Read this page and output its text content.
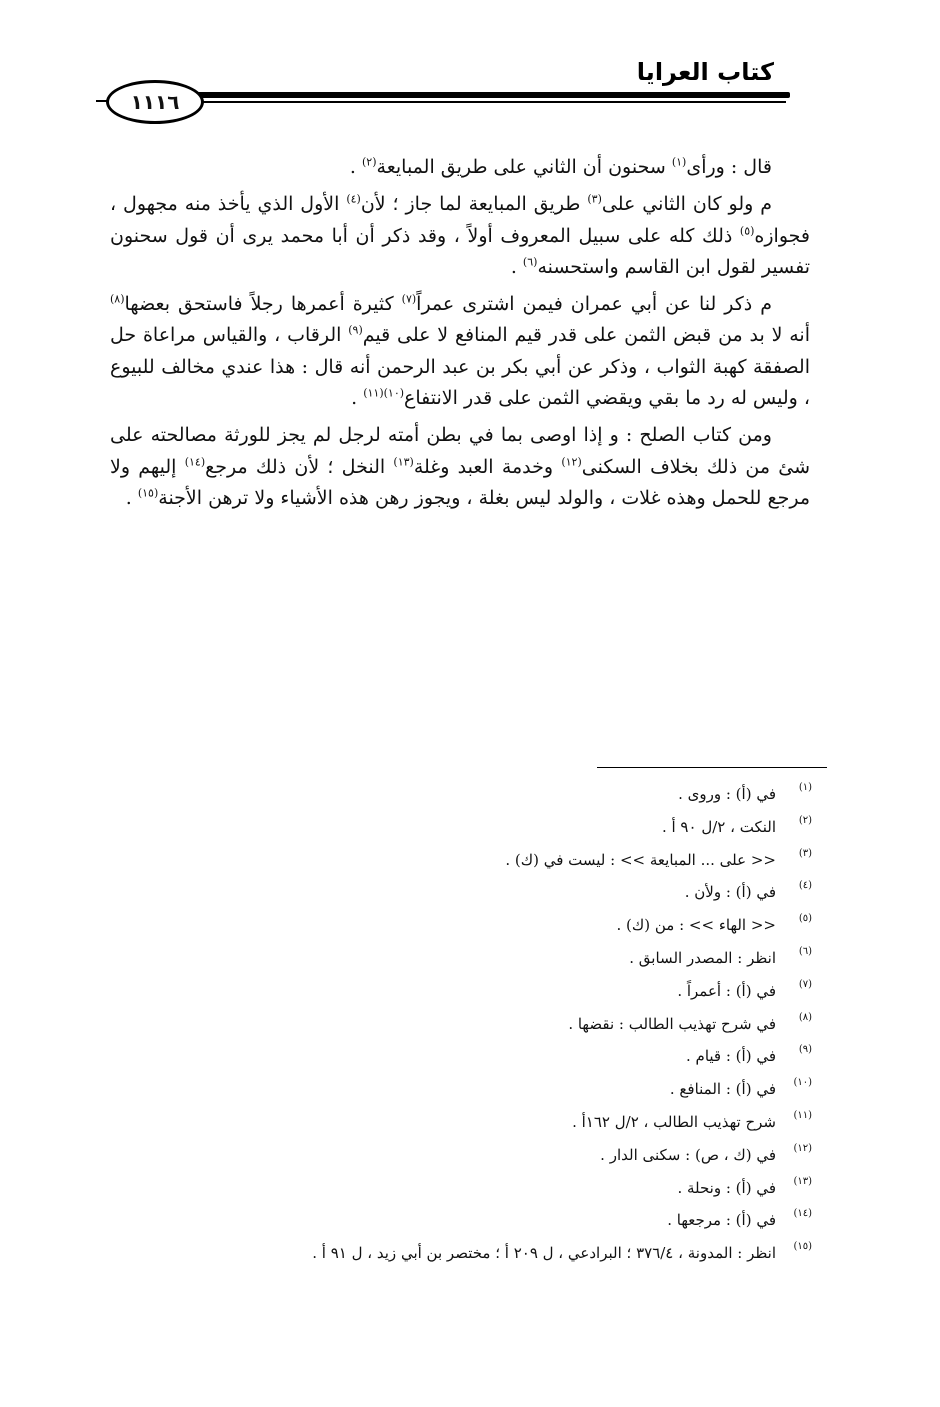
كتاب العرايا
١١١٦

قال : ورأى$^{(١)}$ سحنون أن الثاني على طريق المبايعة$^{(٢)}$ .

م ولو كان الثاني على$^{(٣)}$ طريق المبايعة لما جاز ؛ لأن$^{(٤)}$ الأول الذي يأخذ منه مجهول ، فجوازه$^{(٥)}$ ذلك كله على سبيل المعروف أولاً ، وقد ذكر أن أبا محمد يرى أن قول سحنون تفسير لقول ابن القاسم واستحسنه$^{(٦)}$ .

م ذكر لنا عن أبي عمران فيمن اشترى عمراً$^{(٧)}$ كثيرة أعمرها رجلاً فاستحق بعضها$^{(٨)}$ أنه لا بد من قبض الثمن على قدر قيم المنافع لا على قيم$^{(٩)}$ الرقاب ، والقياس مراعاة حل الصفقة كهبة الثواب ، وذكر عن أبي بكر بن عبد الرحمن أنه قال : هذا عندي مخالف للبيوع ، وليس له رد ما بقي ويقضي الثمن على قدر الانتفاع$^{(١٠)(١١)}$ .

ومن كتاب الصلح : و إذا اوصى بما في بطن أمته لرجل لم يجز للورثة مصالحته على شئ من ذلك بخلاف السكنى$^{(١٢)}$ وخدمة العبد وغلة$^{(١٣)}$ النخل ؛ لأن ذلك مرجع$^{(١٤)}$ إليهم ولا مرجع للحمل وهذه غلات ، والولد ليس بغلة ، ويجوز رهن هذه الأشياء ولا ترهن الأجنة$^{(١٥)}$ .

(١)
في (أ) : وروى .
(٢)
النكت ، ٢/ل ٩٠ أ .
(٣)
<< على ... المبايعة >> : ليست في (ك) .
(٤)
في (أ) : ولأن .
(٥)
<< الهاء >> : من (ك) .
(٦)
انظر : المصدر السابق .
(٧)
في (أ) : أعمراً .
(٨)
في شرح تهذيب الطالب : نقضها .
(٩)
في (أ) : قيام .
(١٠)
في (أ) : المنافع .
(١١)
شرح تهذيب الطالب ، ٢/ل ١٦٢أ .
(١٢)
في (ك ، ص) : سكنى الدار .
(١٣)
في (أ) : ونحلة .
(١٤)
في (أ) : مرجعها .
(١٥)
انظر : المدونة ، ٣٧٦/٤ ؛ البرادعي ، ل ٢٠٩ أ ؛ مختصر بن أبي زيد ، ل ٩١ أ .
